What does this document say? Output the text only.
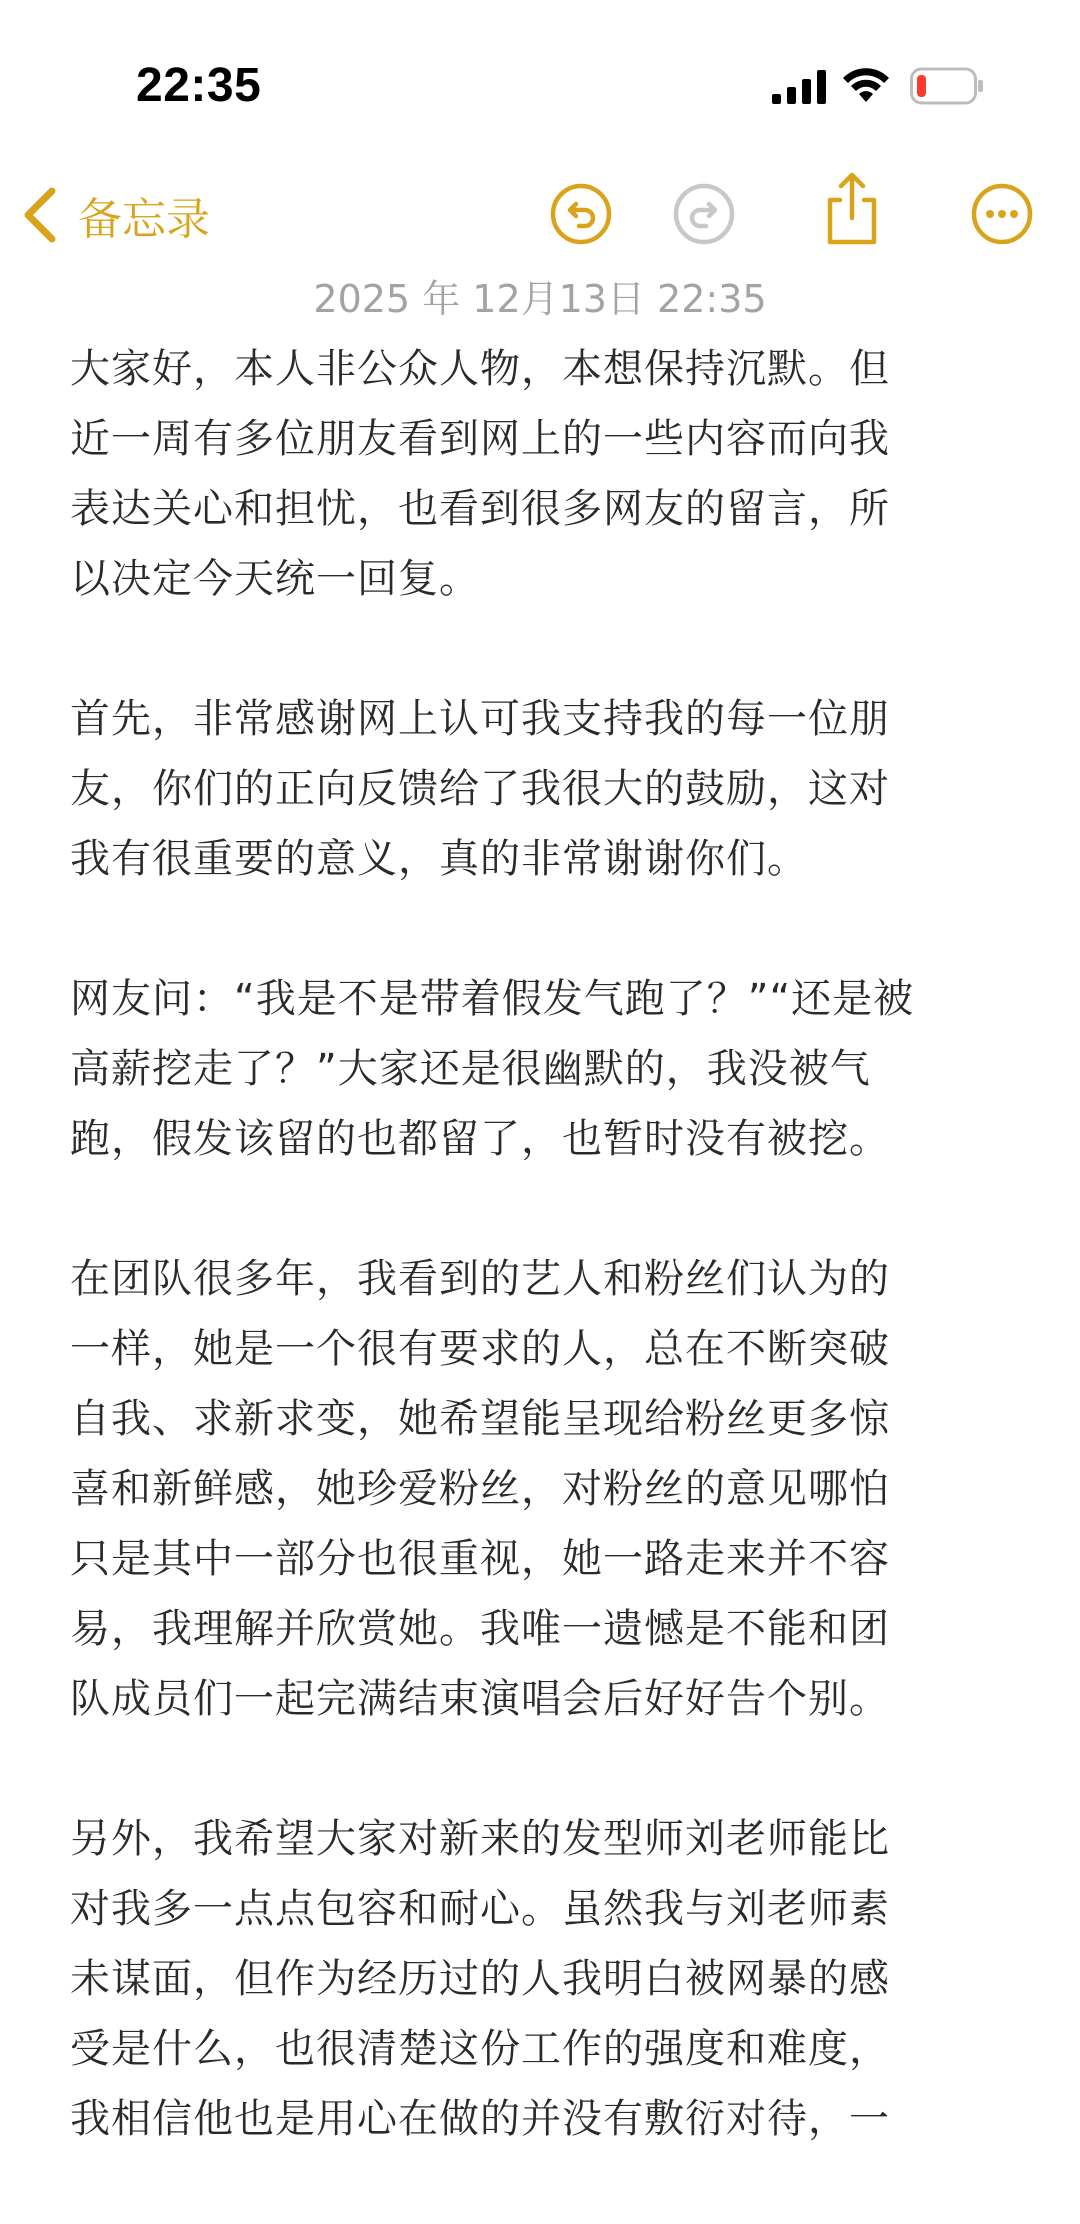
22:35
备忘录
2025 年 12月13日 22:35

大家好，本人非公众人物，本想保持沉默。但
近一周有多位朋友看到网上的一些内容而向我
表达关心和担忧，也看到很多网友的留言，所
以决定今天统一回复。

首先，非常感谢网上认可我支持我的每一位朋
友，你们的正向反馈给了我很大的鼓励，这对
我有很重要的意义，真的非常谢谢你们。

网友问：“我是不是带着假发气跑了？”“还是被
高薪挖走了？”大家还是很幽默的，我没被气
跑，假发该留的也都留了，也暂时没有被挖。

在团队很多年，我看到的艺人和粉丝们认为的
一样，她是一个很有要求的人，总在不断突破
自我、求新求变，她希望能呈现给粉丝更多惊
喜和新鲜感，她珍爱粉丝，对粉丝的意见哪怕
只是其中一部分也很重视，她一路走来并不容
易，我理解并欣赏她。我唯一遗憾是不能和团
队成员们一起完满结束演唱会后好好告个别。

另外，我希望大家对新来的发型师刘老师能比
对我多一点点包容和耐心。虽然我与刘老师素
未谋面，但作为经历过的人我明白被网暴的感
受是什么，也很清楚这份工作的强度和难度，
我相信他也是用心在做的并没有敷衍对待，一
